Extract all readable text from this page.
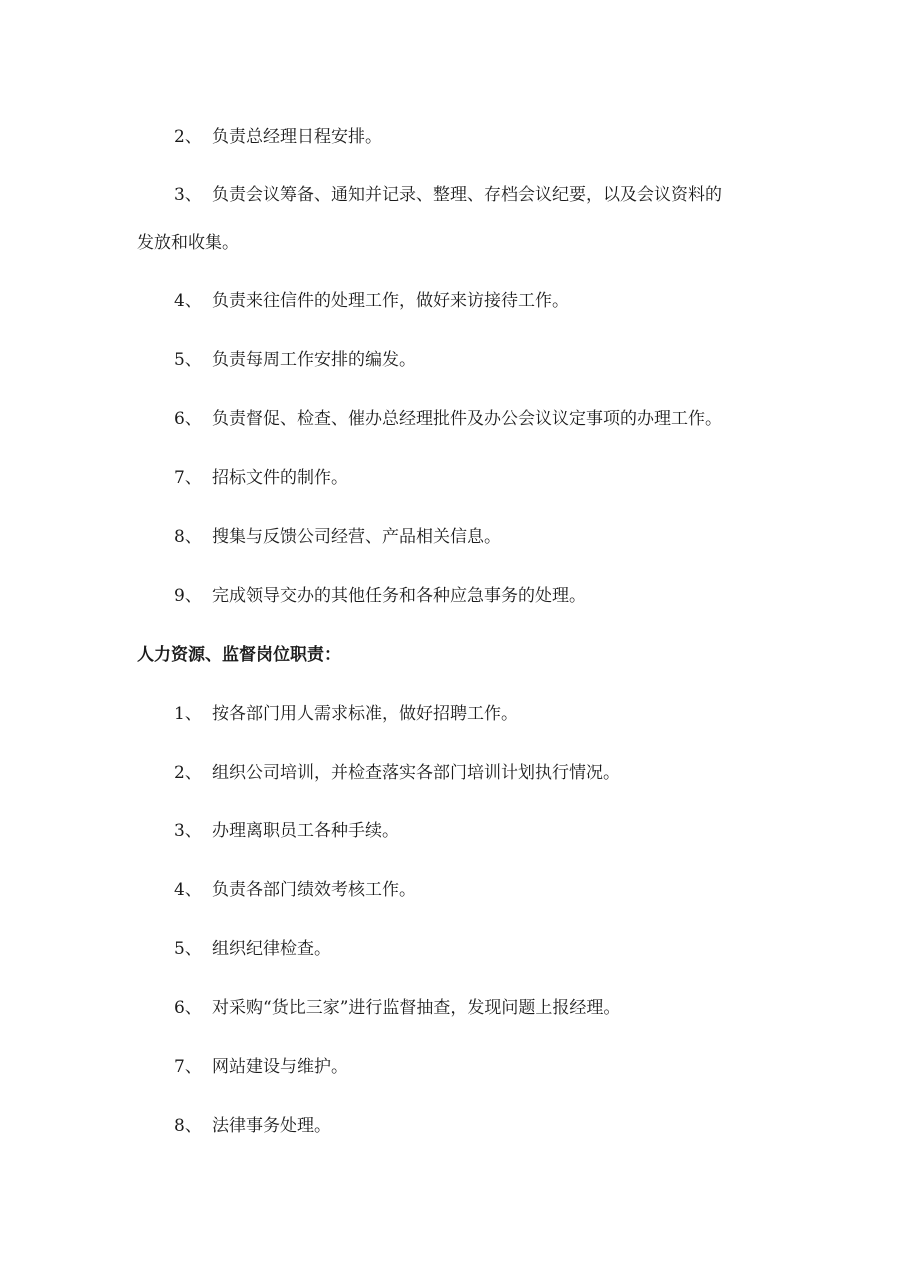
2、 负责总经理日程安排。
3、 负责会议筹备、通知并记录、整理、存档会议纪要，以及会议资料的
发放和收集。
4、 负责来往信件的处理工作，做好来访接待工作。
5、 负责每周工作安排的编发。
6、 负责督促、检查、催办总经理批件及办公会议议定事项的办理工作。
7、 招标文件的制作。
8、 搜集与反馈公司经营、产品相关信息。
9、 完成领导交办的其他任务和各种应急事务的处理。
人力资源、监督岗位职责：
1、 按各部门用人需求标准，做好招聘工作。
2、 组织公司培训，并检查落实各部门培训计划执行情况。
3、 办理离职员工各种手续。
4、 负责各部门绩效考核工作。
5、 组织纪律检查。
6、 对采购“货比三家”进行监督抽查，发现问题上报经理。
7、 网站建设与维护。
8、 法律事务处理。
